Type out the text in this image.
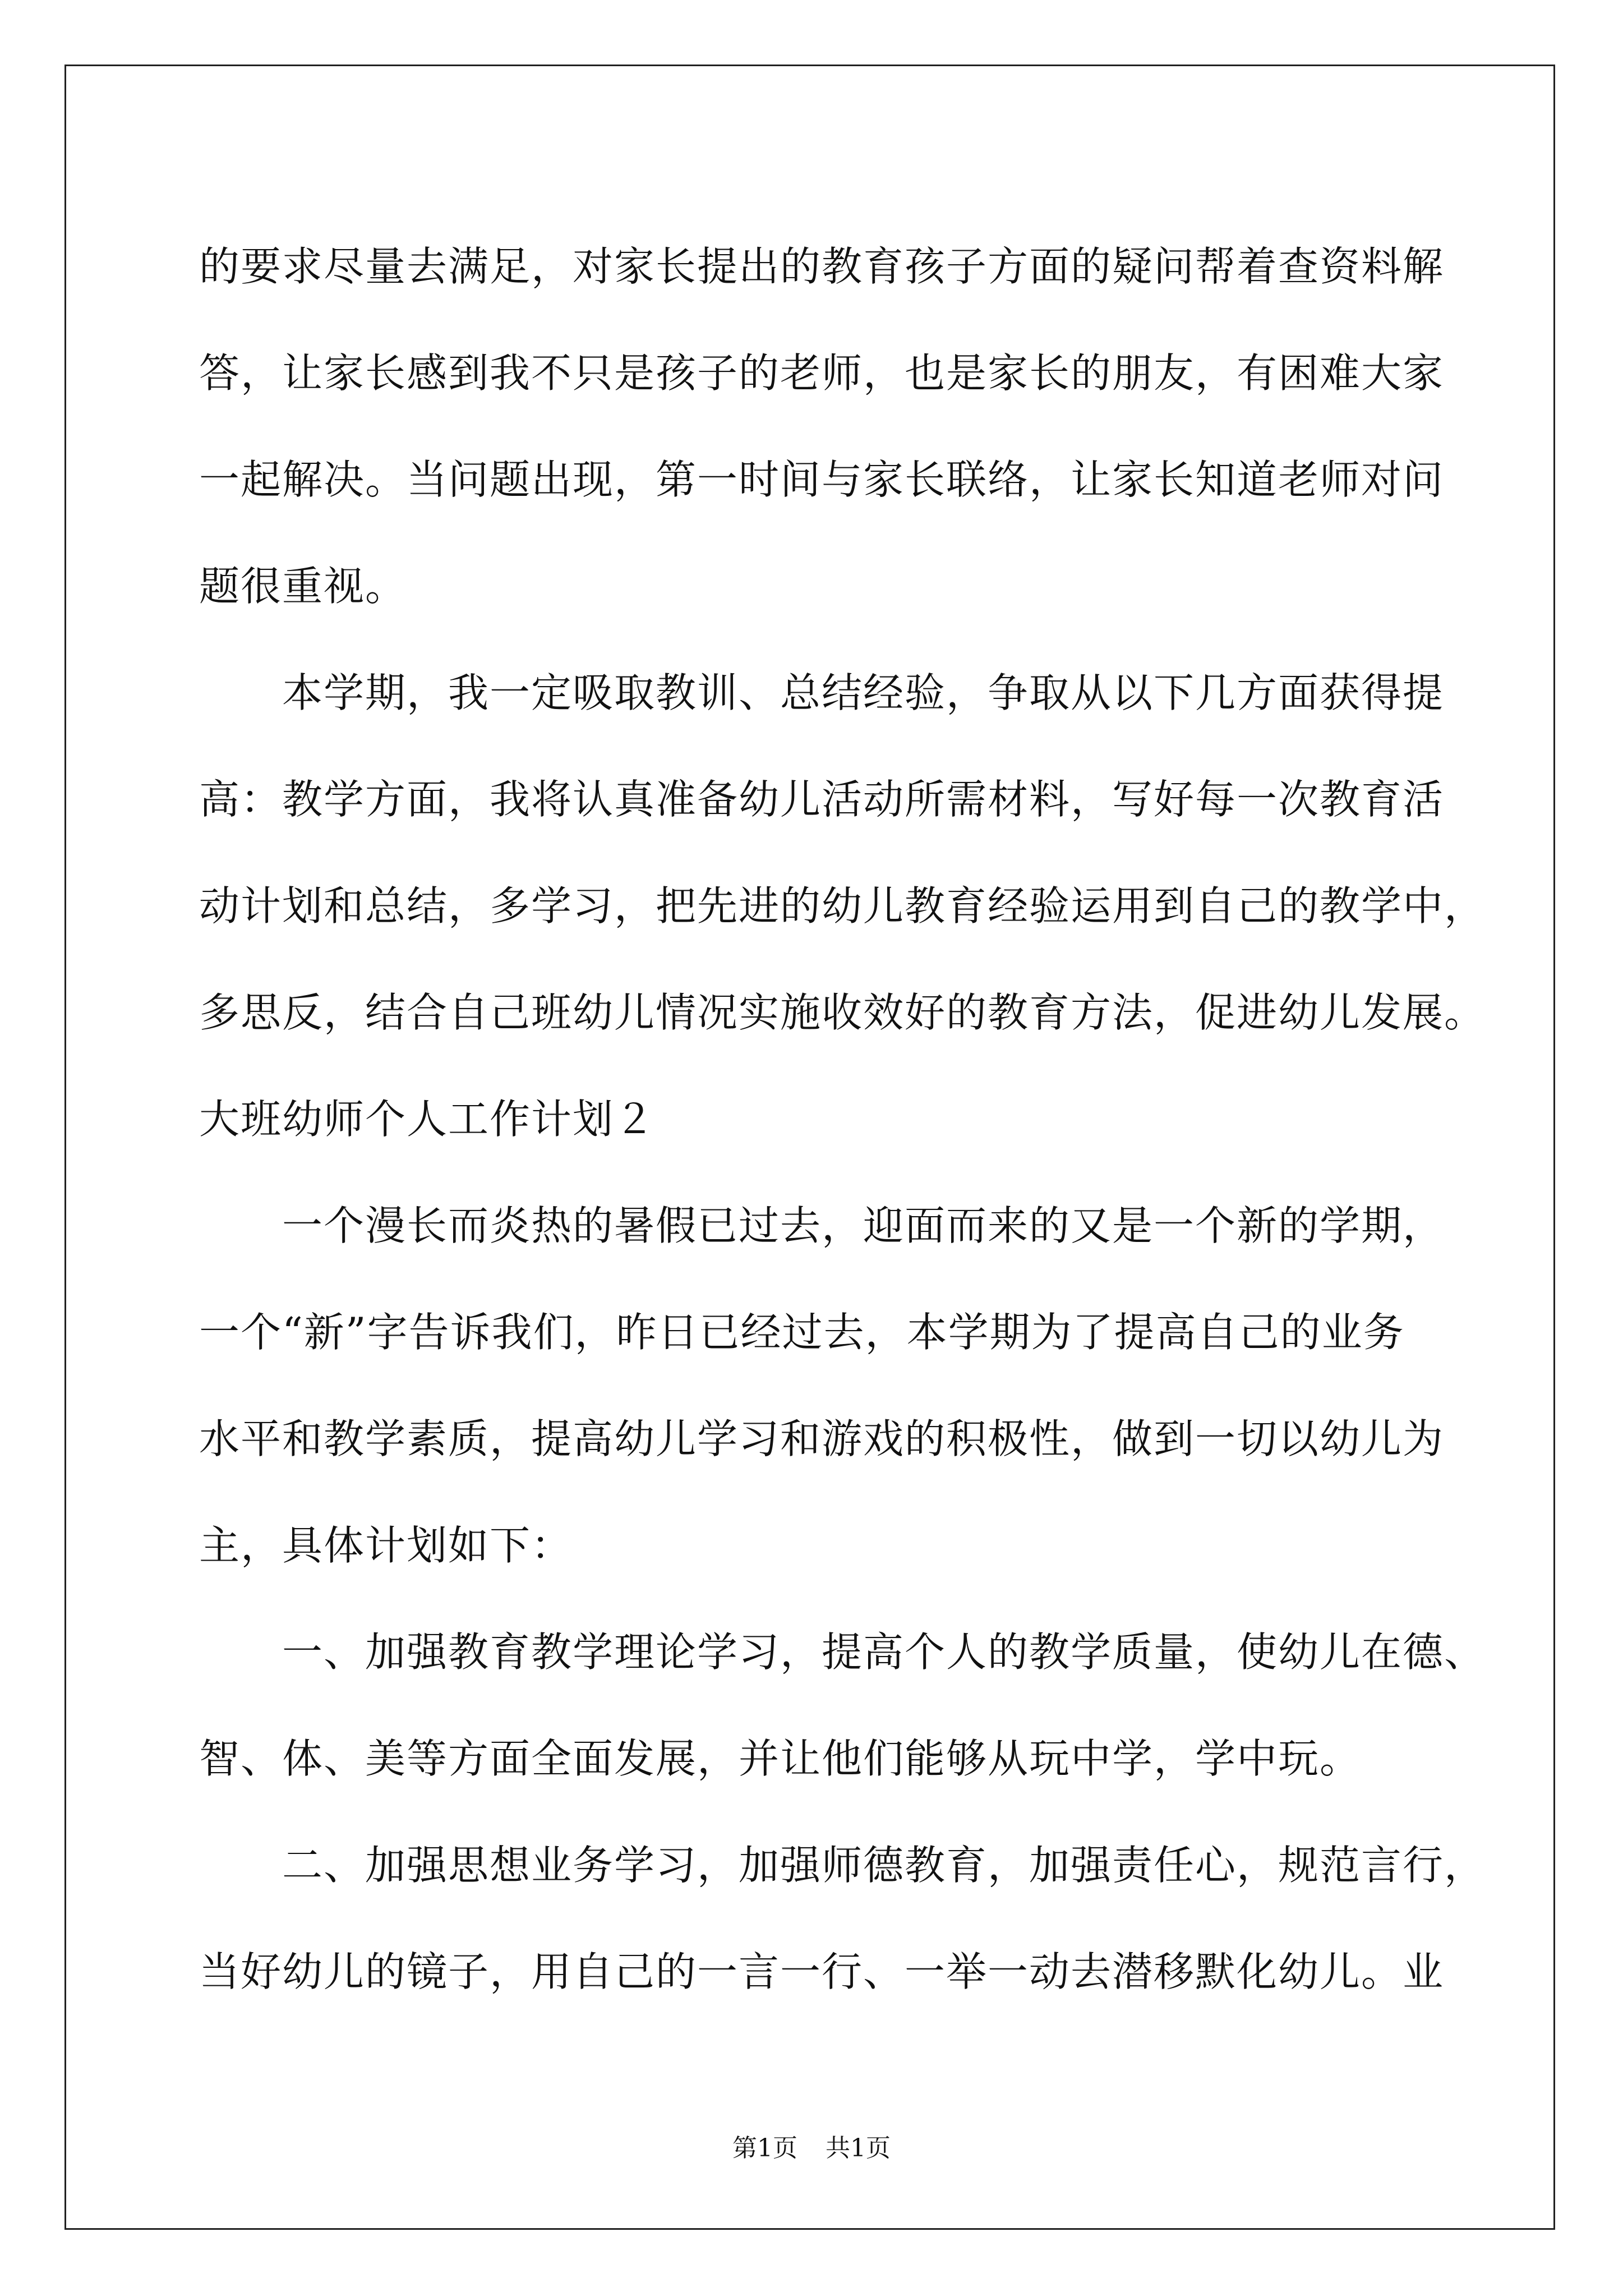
的要求尽量去满足，对家长提出的教育孩子方面的疑问帮着查资料解
答，让家长感到我不只是孩子的老师，也是家长的朋友，有困难大家
一起解决。当问题出现，第一时间与家长联络，让家长知道老师对问
题很重视。
　　本学期，我一定吸取教训、总结经验，争取从以下几方面获得提
高：教学方面，我将认真准备幼儿活动所需材料，写好每一次教育活
动计划和总结，多学习，把先进的幼儿教育经验运用到自己的教学中，
多思反，结合自己班幼儿情况实施收效好的教育方法，促进幼儿发展。
大班幼师个人工作计划２
　　一个漫长而炎热的暑假已过去，迎面而来的又是一个新的学期，
一个“新”字告诉我们，昨日已经过去，本学期为了提高自己的业务
水平和教学素质，提高幼儿学习和游戏的积极性，做到一切以幼儿为
主，具体计划如下：
　　一、加强教育教学理论学习，提高个人的教学质量，使幼儿在德、
智、体、美等方面全面发展，并让他们能够从玩中学，学中玩。
　　二、加强思想业务学习，加强师德教育，加强责任心，规范言行，
当好幼儿的镜子，用自己的一言一行、一举一动去潜移默化幼儿。业
第1页 共1页
